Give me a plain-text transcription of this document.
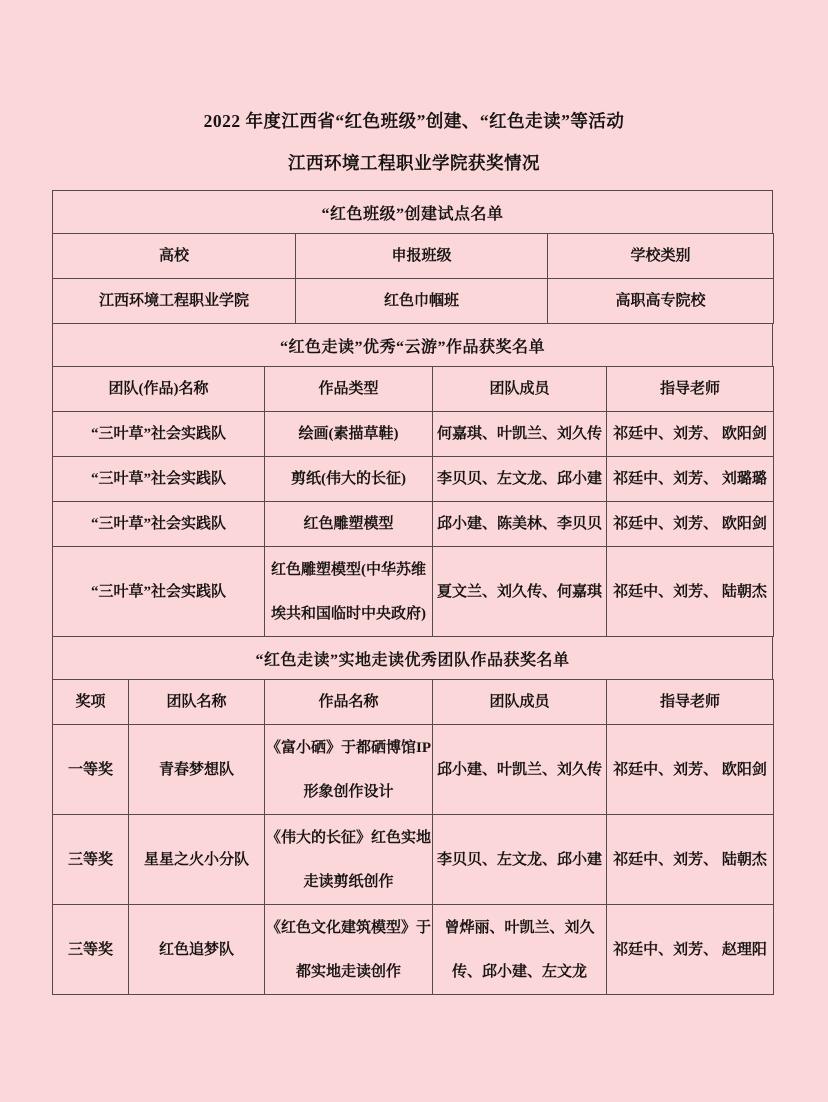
2022 年度江西省“红色班级”创建、“红色走读”等活动
江西环境工程职业学院获奖情况
“红色班级”创建试点名单
高校	申报班级	学校类别
江西环境工程职业学院	红色巾帼班	高职高专院校
“红色走读”优秀“云游”作品获奖名单
团队(作品)名称	作品类型	团队成员	指导老师
“三叶草”社会实践队	绘画(素描草鞋)	何嘉琪、叶凯兰、刘久传	祁廷中、刘芳、 欧阳剑
“三叶草”社会实践队	剪纸(伟大的长征)	李贝贝、左文龙、邱小建	祁廷中、刘芳、 刘璐璐
“三叶草”社会实践队	红色雕塑模型	邱小建、陈美林、李贝贝	祁廷中、刘芳、 欧阳剑
“三叶草”社会实践队	红色雕塑模型(中华苏维埃共和国临时中央政府)	夏文兰、刘久传、何嘉琪	祁廷中、刘芳、 陆朝杰
“红色走读”实地走读优秀团队作品获奖名单
奖项	团队名称	作品名称	团队成员	指导老师
一等奖	青春梦想队	《富小硒》于都硒博馆IP 形象创作设计	邱小建、叶凯兰、刘久传	祁廷中、刘芳、 欧阳剑
三等奖	星星之火小分队	《伟大的长征》红色实地走读剪纸创作	李贝贝、左文龙、邱小建	祁廷中、刘芳、 陆朝杰
三等奖	红色追梦队	《红色文化建筑模型》于都实地走读创作	曾烨丽、叶凯兰、刘久传、邱小建、左文龙	祁廷中、刘芳、 赵理阳
